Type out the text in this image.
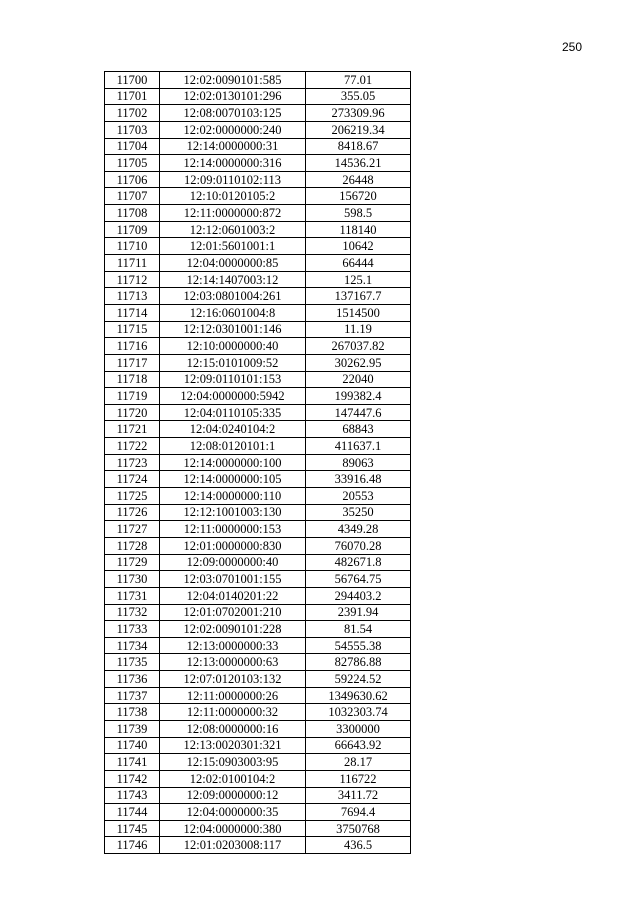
250
11700	12:02:0090101:585	77.01
11701	12:02:0130101:296	355.05
11702	12:08:0070103:125	273309.96
11703	12:02:0000000:240	206219.34
11704	12:14:0000000:31	8418.67
11705	12:14:0000000:316	14536.21
11706	12:09:0110102:113	26448
11707	12:10:0120105:2	156720
11708	12:11:0000000:872	598.5
11709	12:12:0601003:2	118140
11710	12:01:5601001:1	10642
11711	12:04:0000000:85	66444
11712	12:14:1407003:12	125.1
11713	12:03:0801004:261	137167.7
11714	12:16:0601004:8	1514500
11715	12:12:0301001:146	11.19
11716	12:10:0000000:40	267037.82
11717	12:15:0101009:52	30262.95
11718	12:09:0110101:153	22040
11719	12:04:0000000:5942	199382.4
11720	12:04:0110105:335	147447.6
11721	12:04:0240104:2	68843
11722	12:08:0120101:1	411637.1
11723	12:14:0000000:100	89063
11724	12:14:0000000:105	33916.48
11725	12:14:0000000:110	20553
11726	12:12:1001003:130	35250
11727	12:11:0000000:153	4349.28
11728	12:01:0000000:830	76070.28
11729	12:09:0000000:40	482671.8
11730	12:03:0701001:155	56764.75
11731	12:04:0140201:22	294403.2
11732	12:01:0702001:210	2391.94
11733	12:02:0090101:228	81.54
11734	12:13:0000000:33	54555.38
11735	12:13:0000000:63	82786.88
11736	12:07:0120103:132	59224.52
11737	12:11:0000000:26	1349630.62
11738	12:11:0000000:32	1032303.74
11739	12:08:0000000:16	3300000
11740	12:13:0020301:321	66643.92
11741	12:15:0903003:95	28.17
11742	12:02:0100104:2	116722
11743	12:09:0000000:12	3411.72
11744	12:04:0000000:35	7694.4
11745	12:04:0000000:380	3750768
11746	12:01:0203008:117	436.5
